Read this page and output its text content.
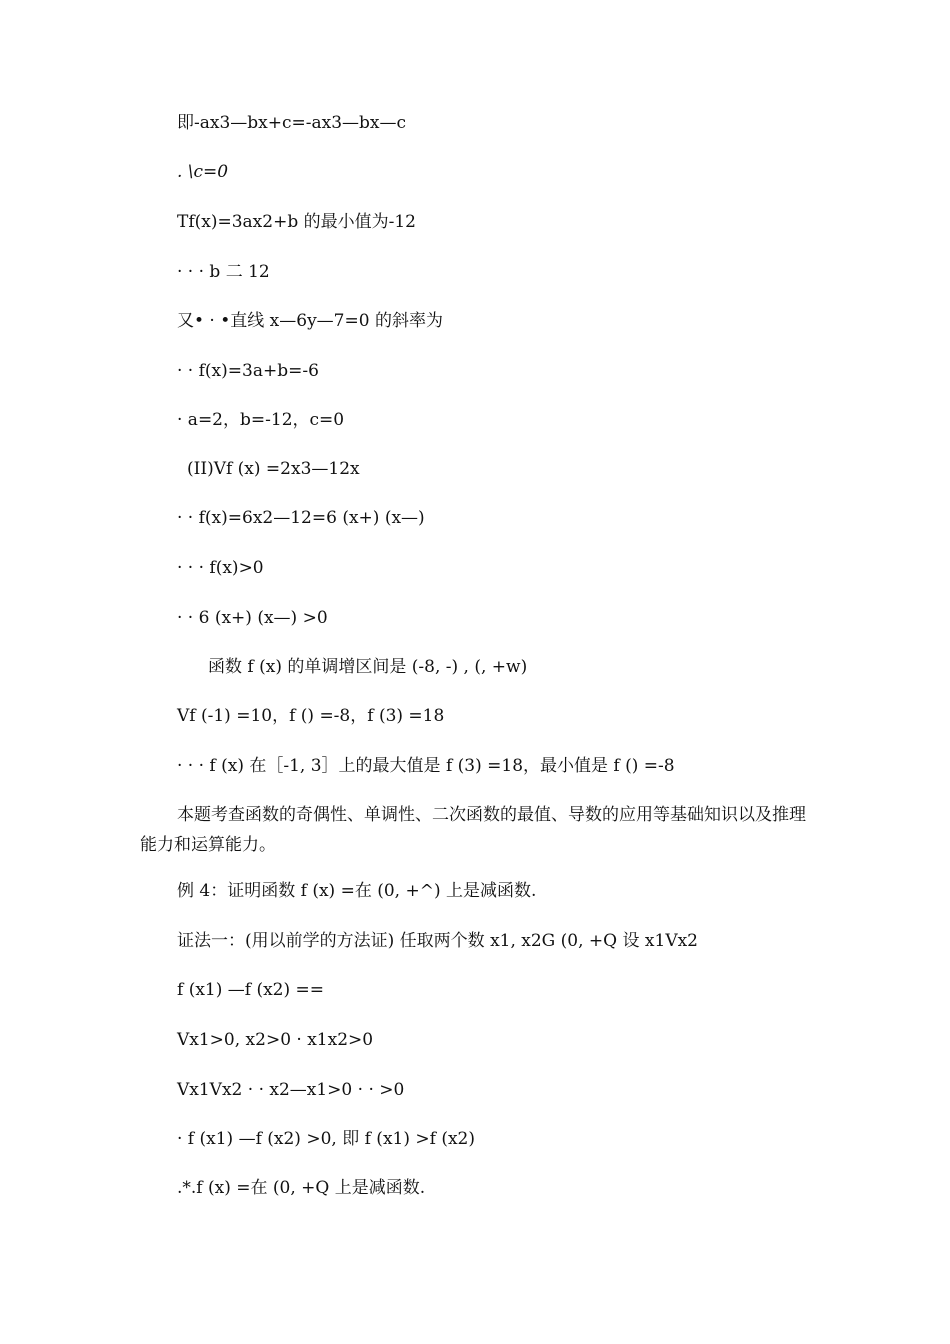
即-ax3—bx+c=-ax3—bx—c
. \c=0
Tf(x)=3ax2+b 的最小值为-12
· · · b 二 12
又• · •直线 x—6y—7=0 的斜率为
· · f(x)=3a+b=-6
· a=2，b=-12，c=0
(II)Vf (x) =2x3—12x
· · f(x)=6x2—12=6 (x+) (x—)
· · · f(x)>0
· · 6 (x+) (x—) >0
函数 f (x) 的单调增区间是 (-8, -) , (, +w)
Vf (-1) =10，f () =-8，f (3) =18
· · · f (x) 在［-1, 3］上的最大值是 f (3) =18，最小值是 f () =-8
本题考查函数的奇偶性、单调性、二次函数的最值、导数的应用等基础知识以及推理能力和运算能力。
例 4：证明函数 f (x) =在 (0, +^) 上是减函数.
证法一：(用以前学的方法证) 任取两个数 x1, x2G (0, +Q 设 x1Vx2
f (x1) —f (x2) ==
Vx1>0, x2>0 · x1x2>0
Vx1Vx2 · · x2—x1>0 · · >0
· f (x1) —f (x2) >0, 即 f (x1) >f (x2)
.*.f (x) =在 (0, +Q 上是减函数.
